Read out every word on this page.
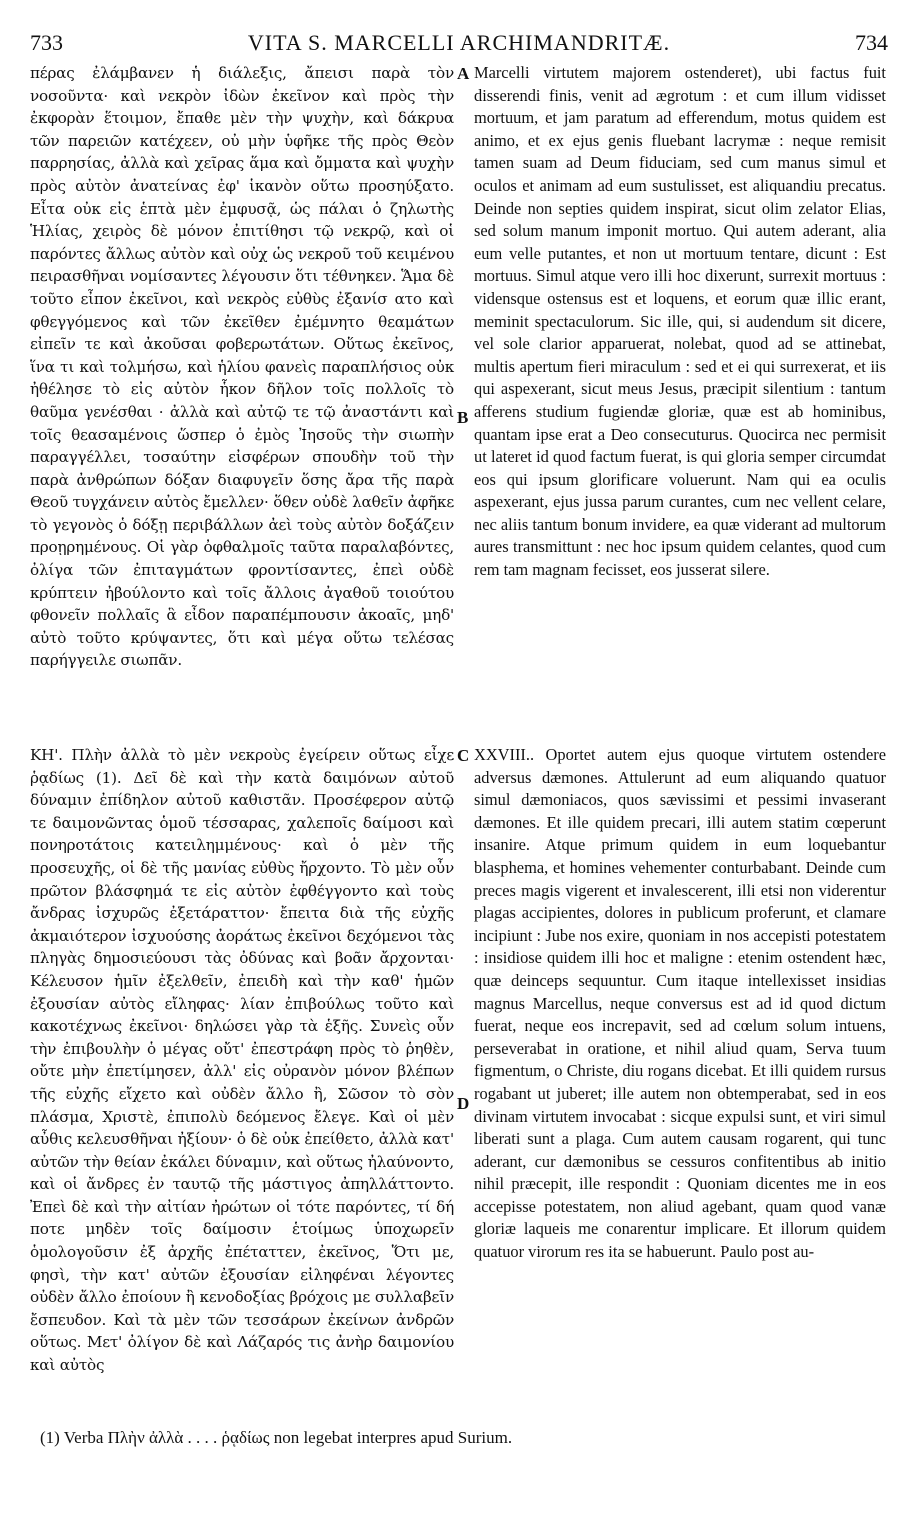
733	VITA S. MARCELLI ARCHIMANDRITÆ.	734

πέρας ἐλάμβανεν ἡ διάλεξις, ἄπεισι παρὰ τὸν νοσοῦντα· καὶ νεκρὸν ἰδὼν ἐκεῖνον καὶ πρὸς τὴν ἐκφορὰν ἕτοιμον, ἔπαθε μὲν τὴν ψυχὴν, καὶ δάκρυα τῶν παρειῶν κατέχεεν, οὐ μὴν ὑφῆκε τῆς πρὸς Θεὸν παρρησίας, ἀλλὰ καὶ χεῖρας ἅμα καὶ ὄμματα καὶ ψυχὴν πρὸς αὐτὸν ἀνατείνας ἐφ' ἱκανὸν οὕτω προσηύξατο. Εἶτα οὐκ εἰς ἑπτὰ μὲν ἐμφυσᾷ, ὡς πάλαι ὁ ζηλωτὴς Ἡλίας, χειρὸς δὲ μόνον ἐπιτίθησι τῷ νεκρῷ, καὶ οἱ παρόντες ἄλλως αὐτὸν καὶ οὐχ ὡς νεκροῦ τοῦ κειμένου πειρασθῆναι νομίσαντες λέγουσιν ὅτι τέθνηκεν. Ἅμα δὲ τοῦτο εἶπον ἐκεῖνοι, καὶ νεκρὸς εὐθὺς ἐξανίσ ατο καὶ φθεγγόμενος καὶ τῶν ἐκεῖθεν ἐμέμνητο θεαμάτων εἰπεῖν τε καὶ ἀκοῦσαι φοβερωτάτων. Οὕτως ἐκεῖνος, ἵνα τι καὶ τολμήσω, καὶ ἡλίου φανεὶς παραπλήσιος οὐκ ἠθέλησε τὸ εἰς αὐτὸν ἧκον δῆλον τοῖς πολλοῖς τὸ θαῦμα γενέσθαι · ἀλλὰ καὶ αὐτῷ τε τῷ ἀναστάντι καὶ τοῖς θεασαμένοις ὥσπερ ὁ ἐμὸς Ἰησοῦς τὴν σιωπὴν παραγγέλλει, τοσαύτην εἰσφέρων σπουδὴν τοῦ τὴν παρὰ ἀνθρώπων δόξαν διαφυγεῖν ὅσης ἄρα τῆς παρὰ Θεοῦ τυγχάνειν αὐτὸς ἔμελλεν· ὅθεν οὐδὲ λαθεῖν ἀφῆκε τὸ γεγονὸς ὁ δόξῃ περιβάλλων ἀεὶ τοὺς αὐτὸν δοξάζειν προῃρημένους. Οἱ γὰρ ὀφθαλμοῖς ταῦτα παραλαβόντες, ὀλίγα τῶν ἐπιταγμάτων φροντίσαντες, ἐπεὶ οὐδὲ κρύπτειν ἠβούλοντο καὶ τοῖς ἄλλοις ἀγαθοῦ τοιούτου φθονεῖν πολλαῖς ἃ εἶδον παραπέμπουσιν ἀκοαῖς, μηδ' αὐτὸ τοῦτο κρύψαντες, ὅτι καὶ μέγα οὕτω τελέσας παρήγγειλε σιωπᾶν.

Marcelli virtutem majorem ostenderet), ubi factus fuit disserendi finis, venit ad ægrotum : et cum illum vidisset mortuum, et jam paratum ad efferendum, motus quidem est animo, et ex ejus genis fluebant lacrymæ : neque remisit tamen suam ad Deum fiduciam, sed cum manus simul et oculos et animam ad eum sustulisset, est aliquandiu precatus. Deinde non septies quidem inspirat, sicut olim zelator Elias, sed solum manum imponit mortuo. Qui autem aderant, alia eum velle putantes, et non ut mortuum tentare, dicunt : Est mortuus. Simul atque vero illi hoc dixerunt, surrexit mortuus : vidensque ostensus est et loquens, et eorum quæ illic erant, meminit spectaculorum. Sic ille, qui, si audendum sit dicere, vel sole clarior apparuerat, nolebat, quod ad se attinebat, multis apertum fieri miraculum : sed et ei qui surrexerat, et iis qui aspexerant, sicut meus Jesus, præcipit silentium : tantum afferens studium fugiendæ gloriæ, quæ est ab hominibus, quantam ipse erat a Deo consecuturus. Quocirca nec permisit ut lateret id quod factum fuerat, is qui gloria semper circumdat eos qui ipsum glorificare voluerunt. Nam qui ea oculis aspexerant, ejus jussa parum curantes, cum nec vellent celare, nec aliis tantum bonum invidere, ea quæ viderant ad multorum aures transmittunt : nec hoc ipsum quidem celantes, quod cum rem tam magnam fecisset, eos jusserat silere.

ΚΗ'. Πλὴν ἀλλὰ τὸ μὲν νεκροὺς ἐγείρειν οὕτως εἶχε ῥᾳδίως (1). Δεῖ δὲ καὶ τὴν κατὰ δαιμόνων αὐτοῦ δύναμιν ἐπίδηλον αὐτοῦ καθιστᾶν. Προσέφερον αὐτῷ τε δαιμονῶντας ὁμοῦ τέσσαρας, χαλεποῖς δαίμοσι καὶ πονηροτάτοις κατειλημμένους· καὶ ὁ μὲν τῆς προσευχῆς, οἱ δὲ τῆς μανίας εὐθὺς ἤρχοντο. Τὸ μὲν οὖν πρῶτον βλάσφημά τε εἰς αὐτὸν ἐφθέγγοντο καὶ τοὺς ἄνδρας ἰσχυρῶς ἐξετάραττον· ἔπειτα διὰ τῆς εὐχῆς ἀκμαιότερον ἰσχυούσης ἀοράτως ἐκεῖνοι δεχόμενοι τὰς πληγὰς δημοσιεύουσι τὰς ὀδύνας καὶ βοᾶν ἄρχονται· Κέλευσον ἡμῖν ἐξελθεῖν, ἐπειδὴ καὶ τὴν καθ' ἡμῶν ἐξουσίαν αὐτὸς εἴληφας· λίαν ἐπιβούλως τοῦτο καὶ κακοτέχνως ἐκεῖνοι· δηλώσει γὰρ τὰ ἑξῆς. Συνεὶς οὖν τὴν ἐπιβουλὴν ὁ μέγας οὔτ' ἐπεστράφη πρὸς τὸ ῥηθὲν, οὔτε μὴν ἐπετίμησεν, ἀλλ' εἰς οὐρανὸν μόνον βλέπων τῆς εὐχῆς εἴχετο καὶ οὐδὲν ἄλλο ἢ, Σῶσον τὸ σὸν πλάσμα, Χριστὲ, ἐπιπολὺ δεόμενος ἔλεγε. Καὶ οἱ μὲν αὖθις κελευσθῆναι ἠξίουν· ὁ δὲ οὐκ ἐπείθετο, ἀλλὰ κατ' αὐτῶν τὴν θείαν ἐκάλει δύναμιν, καὶ οὕτως ἠλαύνοντο, καὶ οἱ ἄνδρες ἐν ταυτῷ τῆς μάστιγος ἀπηλλάττοντο. Ἐπεὶ δὲ καὶ τὴν αἰτίαν ἠρώτων οἱ τότε παρόντες, τί δή ποτε μηδὲν τοῖς δαίμοσιν ἑτοίμως ὑποχωρεῖν ὁμολογοῦσιν ἐξ ἀρχῆς ἐπέταττεν, ἐκεῖνος, Ὅτι με, φησὶ, τὴν κατ' αὐτῶν ἐξουσίαν εἰληφέναι λέγοντες οὐδὲν ἄλλο ἐποίουν ἢ κενοδοξίας βρόχοις με συλλαβεῖν ἔσπευδον. Καὶ τὰ μὲν τῶν τεσσάρων ἐκείνων ἀνδρῶν οὕτως. Μετ' ὀλίγον δὲ καὶ Λάζαρός τις ἀνὴρ δαιμονίου καὶ αὐτὸς

XXVIII.. Oportet autem ejus quoque virtutem ostendere adversus dæmones. Attulerunt ad eum aliquando quatuor simul dæmoniacos, quos sævissimi et pessimi invaserant dæmones. Et ille quidem precari, illi autem statim cœperunt insanire. Atque primum quidem in eum loquebantur blasphema, et homines vehementer conturbabant. Deinde cum preces magis vigerent et invalescerent, illi etsi non viderentur plagas accipientes, dolores in publicum proferunt, et clamare incipiunt : Jube nos exire, quoniam in nos accepisti potestatem : insidiose quidem illi hoc et maligne : etenim ostendent hæc, quæ deinceps sequuntur. Cum itaque intellexisset insidias magnus Marcellus, neque conversus est ad id quod dictum fuerat, neque eos increpavit, sed ad cœlum solum intuens, perseverabat in oratione, et nihil aliud quam, Serva tuum figmentum, o Christe, diu rogans dicebat. Et illi quidem rursus rogabant ut juberet; ille autem non obtemperabat, sed in eos divinam virtutem invocabat : sicque expulsi sunt, et viri simul liberati sunt a plaga. Cum autem causam rogarent, qui tunc aderant, cur dæmonibus se cessuros confitentibus ab initio nihil præcepit, ille respondit : Quoniam dicentes me in eos accepisse potestatem, non aliud agebant, quam quod vanæ gloriæ laqueis me conarentur implicare. Et illorum quidem quatuor virorum res ita se habuerunt. Paulo post au-

A
B
C
D
(1) Verba Πλὴν ἀλλὰ . . . . ῥᾳδίως non legebat interpres apud Surium.
